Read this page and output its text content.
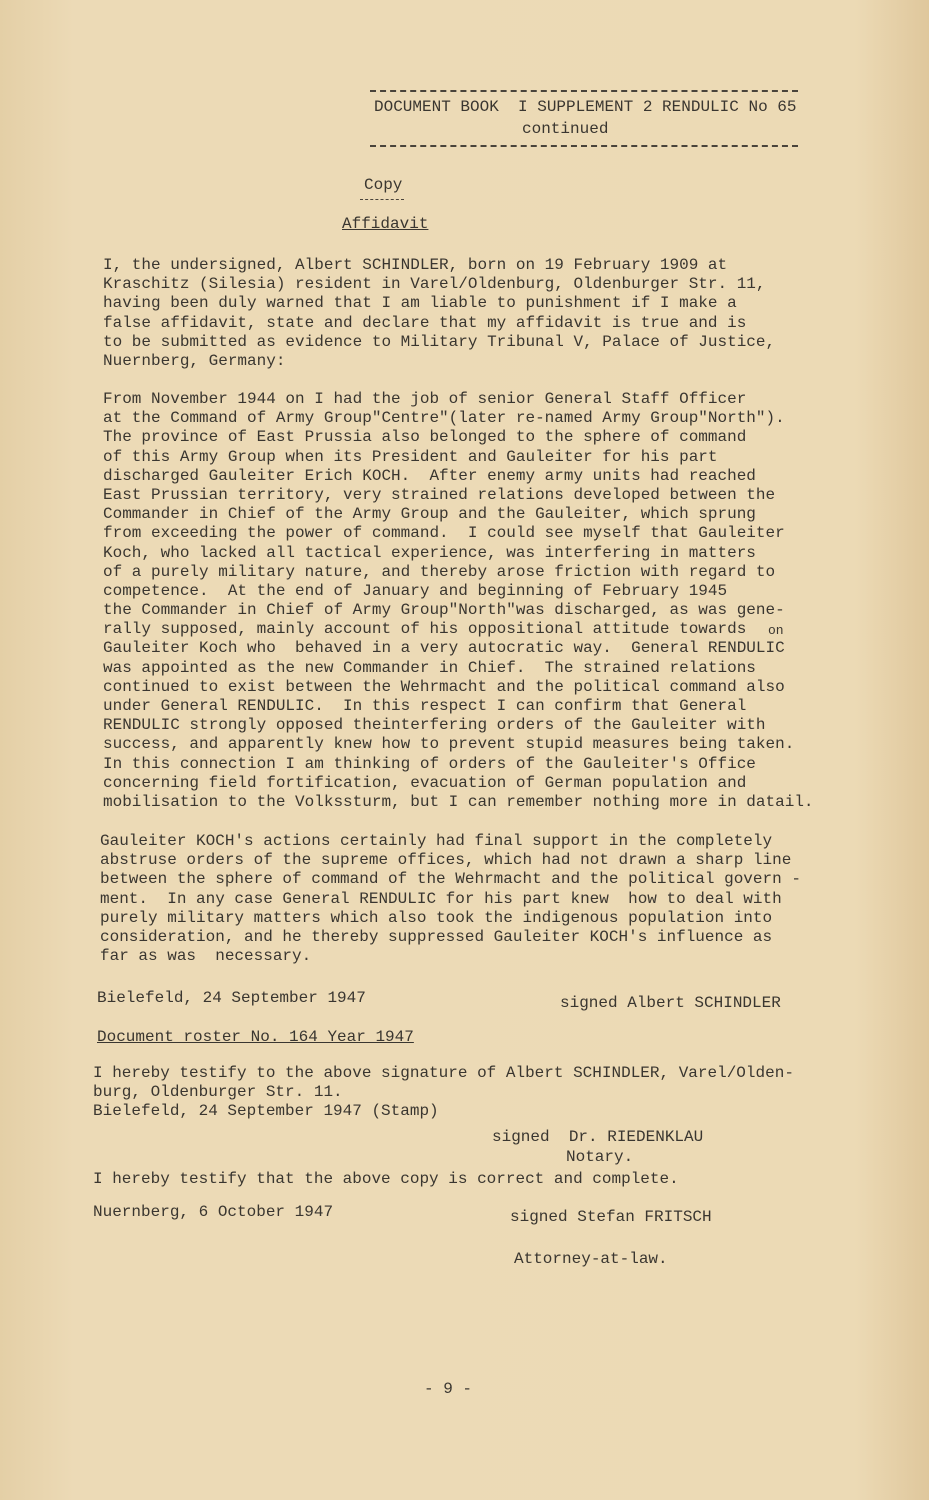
DOCUMENT BOOK  I SUPPLEMENT 2 RENDULIC No 65
continued
Copy
Affidavit
I, the undersigned, Albert SCHINDLER, born on 19 February 1909 at
Kraschitz (Silesia) resident in Varel/Oldenburg, Oldenburger Str. 11,
having been duly warned that I am liable to punishment if I make a
false affidavit, state and declare that my affidavit is true and is
to be submitted as evidence to Military Tribunal V, Palace of Justice,
Nuernberg, Germany:
From November 1944 on I had the job of senior General Staff Officer
at the Command of Army Group"Centre"(later re-named Army Group"North").
The province of East Prussia also belonged to the sphere of command
of this Army Group when its President and Gauleiter for his part
discharged Gauleiter Erich KOCH.  After enemy army units had reached
East Prussian territory, very strained relations developed between the
Commander in Chief of the Army Group and the Gauleiter, which sprung
from exceeding the power of command.  I could see myself that Gauleiter
Koch, who lacked all tactical experience, was interfering in matters
of a purely military nature, and thereby arose friction with regard to
competence.  At the end of January and beginning of February 1945
the Commander in Chief of Army Group"North"was discharged, as was gene-
rally supposed, mainly account of his oppositional attitude towards
Gauleiter Koch who  behaved in a very autocratic way.  General RENDULIC
was appointed as the new Commander in Chief.  The strained relations
continued to exist between the Wehrmacht and the political command also
under General RENDULIC.  In this respect I can confirm that General
RENDULIC strongly opposed theinterfering orders of the Gauleiter with
success, and apparently knew how to prevent stupid measures being taken.
In this connection I am thinking of orders of the Gauleiter's Office
concerning field fortification, evacuation of German population and
mobilisation to the Volkssturm, but I can remember nothing more in datail.
on
Gauleiter KOCH's actions certainly had final support in the completely
abstruse orders of the supreme offices, which had not drawn a sharp line
between the sphere of command of the Wehrmacht and the political govern -
ment.  In any case General RENDULIC for his part knew  how to deal with
purely military matters which also took the indigenous population into
consideration, and he thereby suppressed Gauleiter KOCH's influence as
far as was  necessary.
Bielefeld, 24 September 1947	signed Albert SCHINDLER
Document roster No. 164 Year 1947
I hereby testify to the above signature of Albert SCHINDLER, Varel/Olden-
burg, Oldenburger Str. 11.
Bielefeld, 24 September 1947 (Stamp)
signed  Dr. RIEDENKLAU
Notary.
I hereby testify that the above copy is correct and complete.
Nuernberg, 6 October 1947	signed Stefan FRITSCH
Attorney-at-law.
- 9 -
